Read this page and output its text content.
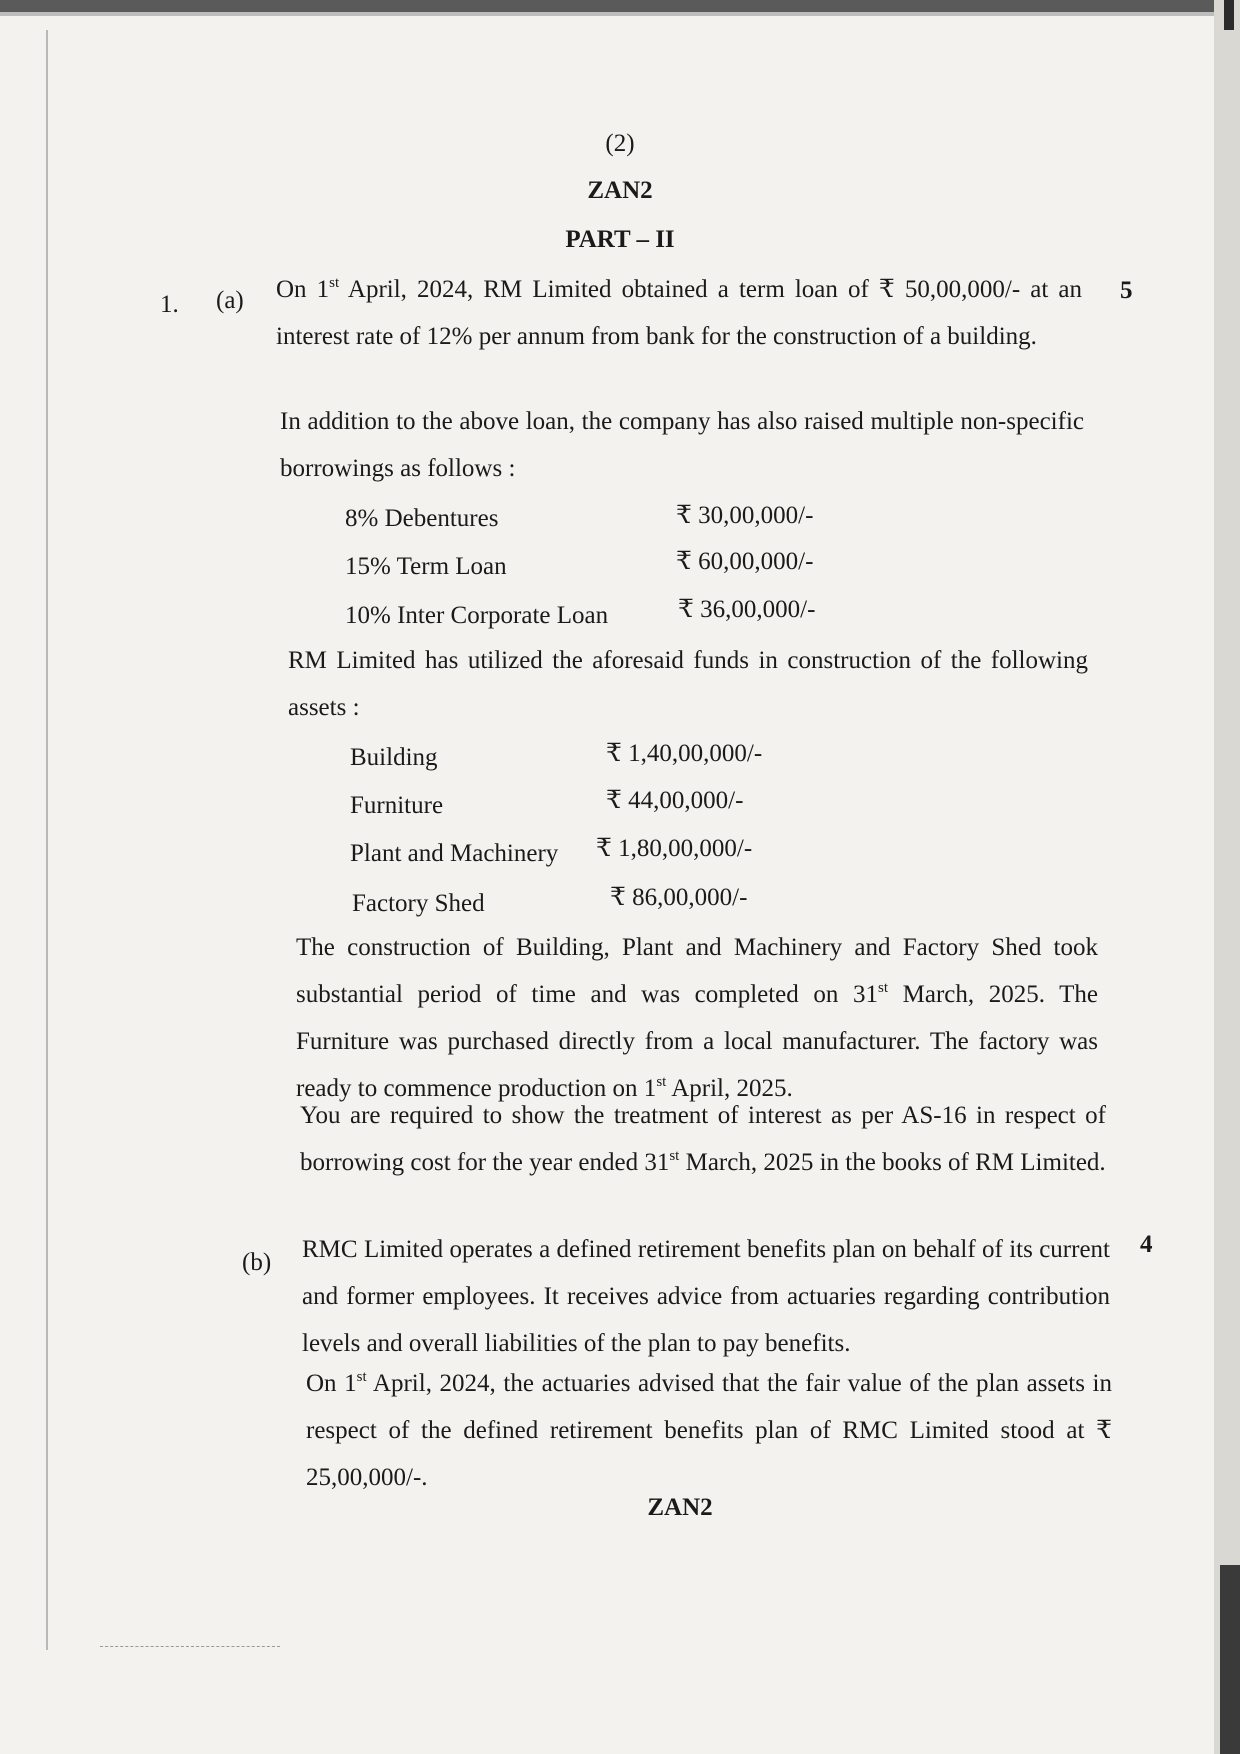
(2)
ZAN2
PART – II
1. (a)	5
On 1st April, 2024, RM Limited obtained a term loan of ₹ 50,00,000/- at an interest rate of 12% per annum from bank for the construction of a building.
In addition to the above loan, the company has also raised multiple non-specific borrowings as follows :
8% Debentures	₹ 30,00,000/-
15% Term Loan	₹ 60,00,000/-
10% Inter Corporate Loan	₹ 36,00,000/-
RM Limited has utilized the aforesaid funds in construction of the following assets :
Building	₹ 1,40,00,000/-
Furniture	₹ 44,00,000/-
Plant and Machinery ₹ 1,80,00,000/-
Factory Shed	₹ 86,00,000/-
The construction of Building, Plant and Machinery and Factory Shed took substantial period of time and was completed on 31st March, 2025. The Furniture was purchased directly from a local manufacturer. The factory was ready to commence production on 1st April, 2025.
You are required to show the treatment of interest as per AS-16 in respect of borrowing cost for the year ended 31st March, 2025 in the books of RM Limited.
(b)
4
RMC Limited operates a defined retirement benefits plan on behalf of its current and former employees. It receives advice from actuaries regarding contribution levels and overall liabilities of the plan to pay benefits.
On 1st April, 2024, the actuaries advised that the fair value of the plan assets in respect of the defined retirement benefits plan of RMC Limited stood at ₹ 25,00,000/-.
ZAN2
